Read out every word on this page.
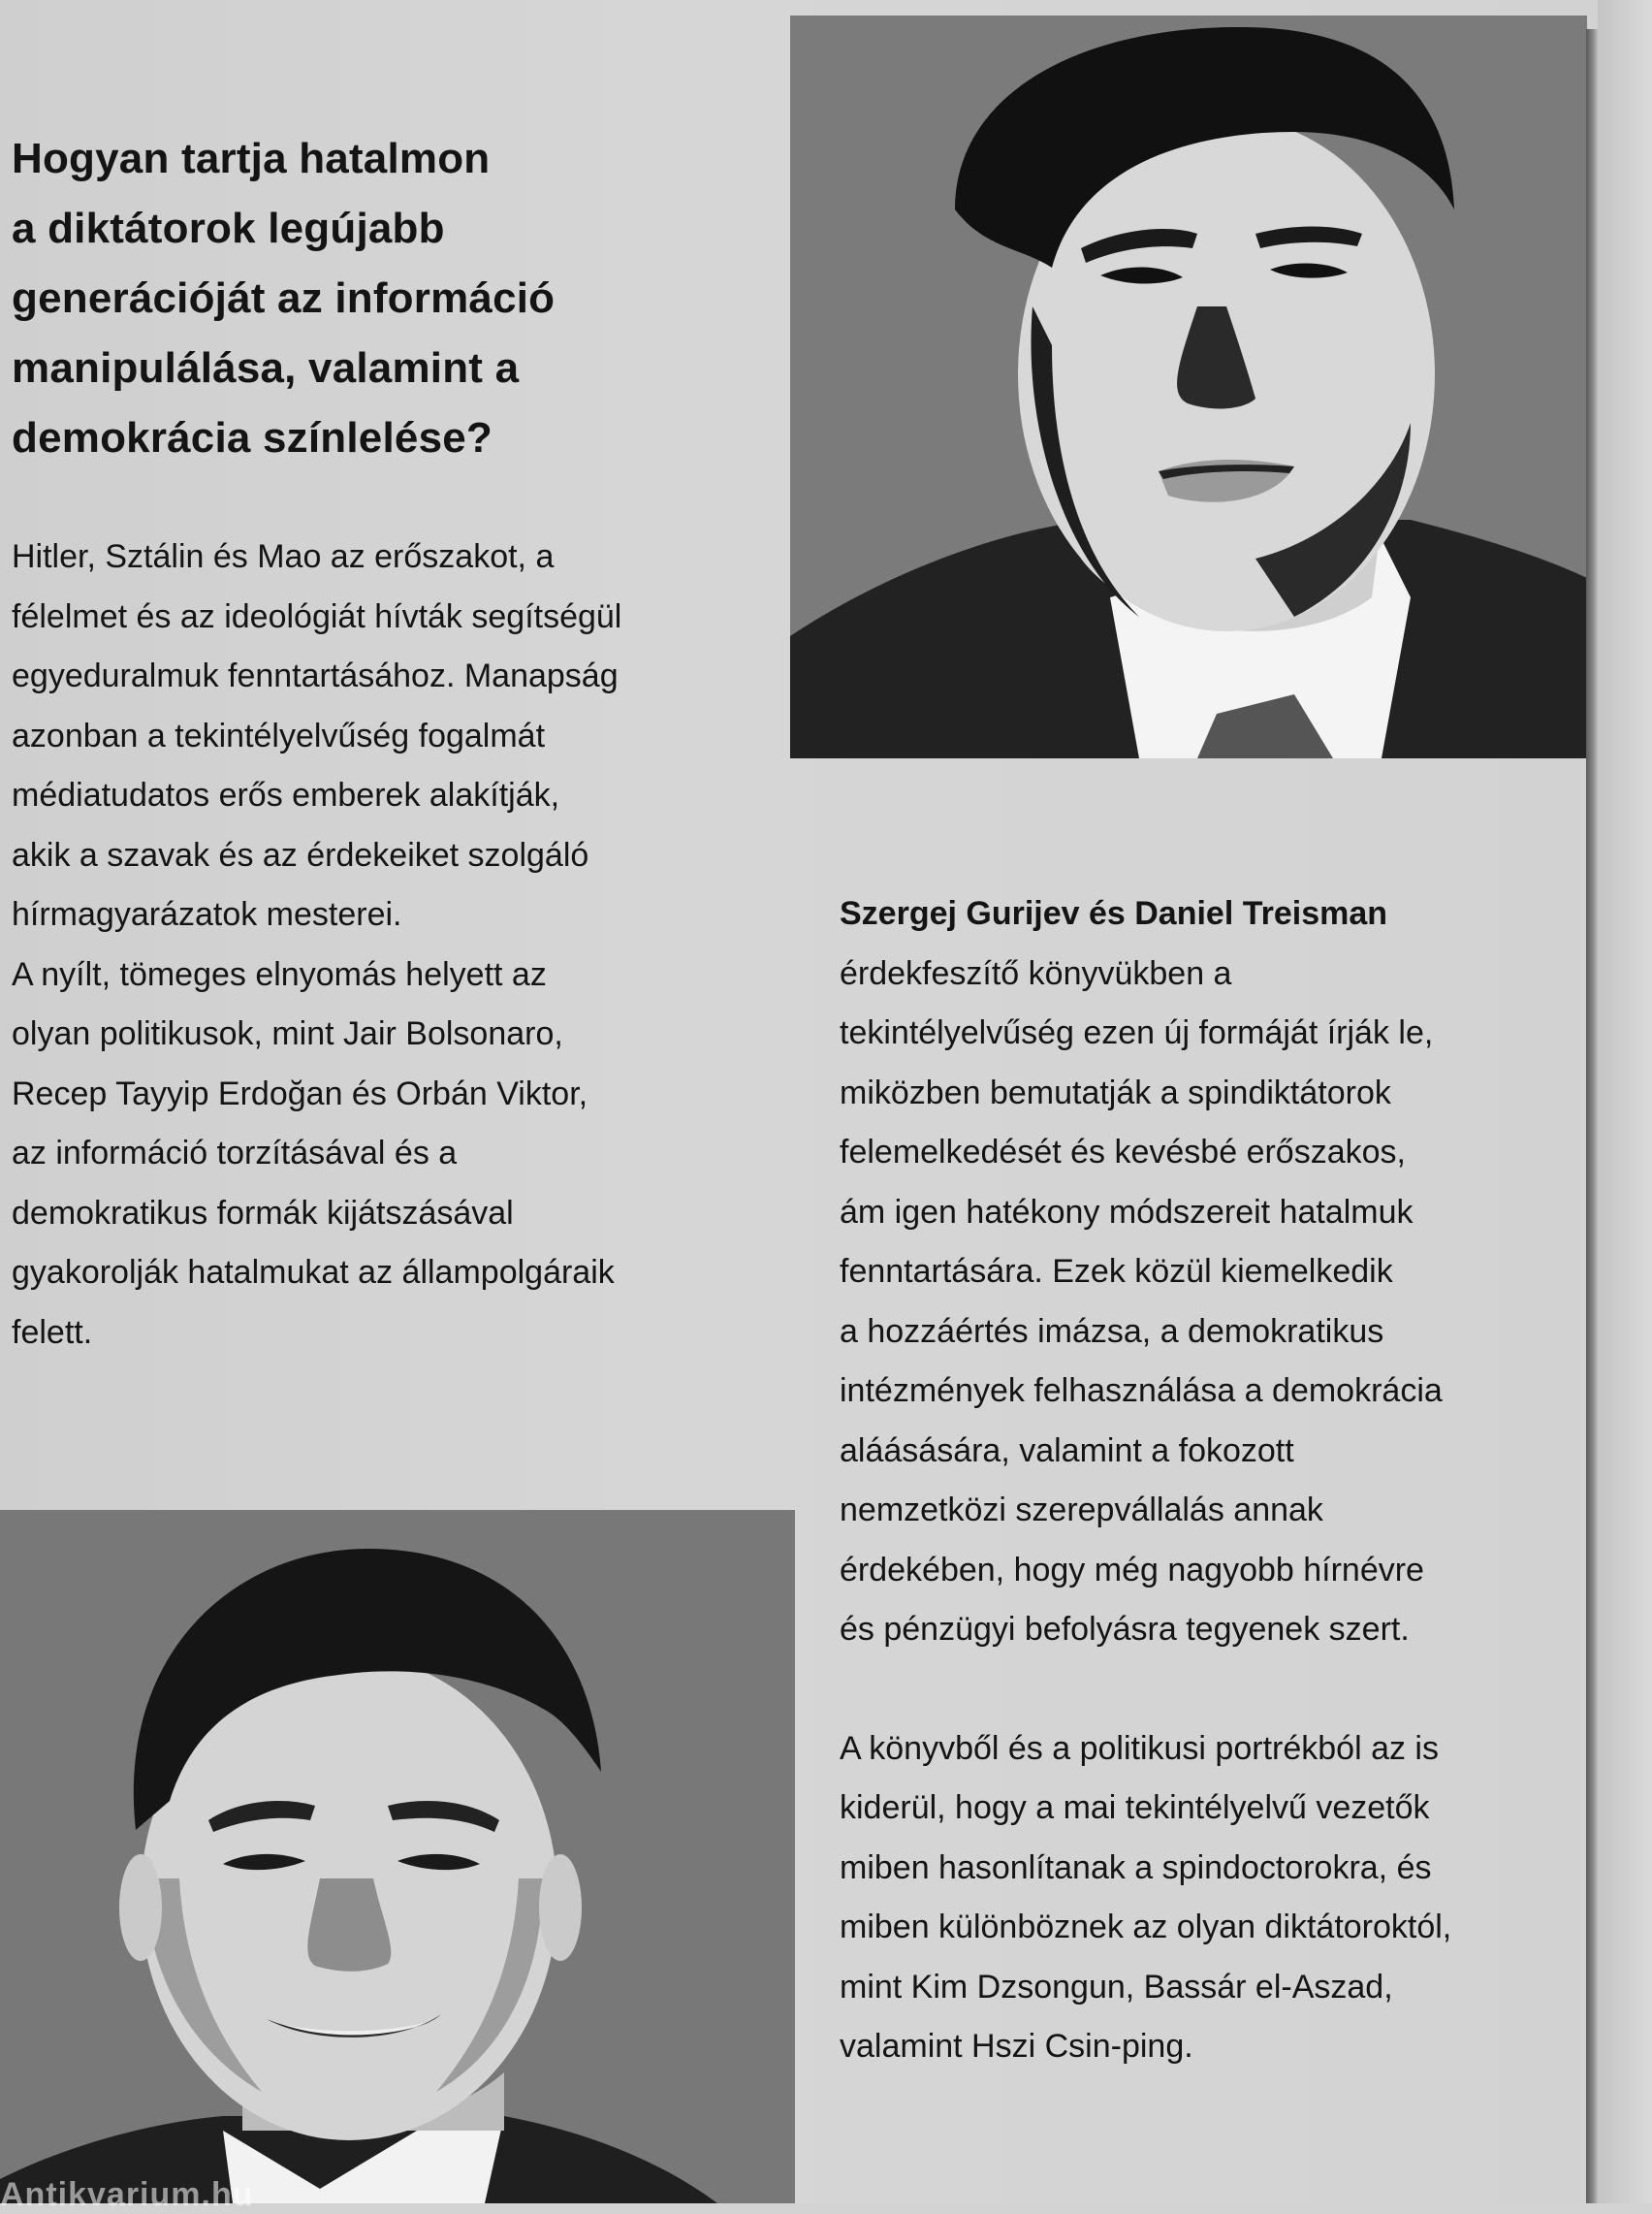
Hogyan tartja hatalmon
a diktátorok legújabb
generációját az információ
manipulálása, valamint a
demokrácia színlelése?
Hitler, Sztálin és Mao az erőszakot, a
félelmet és az ideológiát hívták segítségül
egyeduralmuk fenntartásához. Manapság
azonban a tekintélyelvűség fogalmát
médiatudatos erős emberek alakítják,
akik a szavak és az érdekeiket szolgáló
hírmagyarázatok mesterei.
A nyílt, tömeges elnyomás helyett az
olyan politikusok, mint Jair Bolsonaro,
Recep Tayyip Erdoğan és Orbán Viktor,
az információ torzításával és a
demokratikus formák kijátszásával
gyakorolják hatalmukat az állampolgáraik
felett.
Szergej Gurijev és Daniel Treisman
érdekfeszítő könyvükben a
tekintélyelvűség ezen új formáját írják le,
miközben bemutatják a spindiktátorok
felemelkedését és kevésbé erőszakos,
ám igen hatékony módszereit hatalmuk
fenntartására. Ezek közül kiemelkedik
a hozzáértés imázsa, a demokratikus
intézmények felhasználása a demokrácia
aláásására, valamint a fokozott
nemzetközi szerepvállalás annak
érdekében, hogy még nagyobb hírnévre
és pénzügyi befolyásra tegyenek szert.
A könyvből és a politikusi portrékból az is
kiderül, hogy a mai tekintélyelvű vezetők
miben hasonlítanak a spindoctorokra, és
miben különböznek az olyan diktátoroktól,
mint Kim Dzsongun, Bassár el-Aszad,
valamint Hszi Csin-ping.
Antikvarium.hu
